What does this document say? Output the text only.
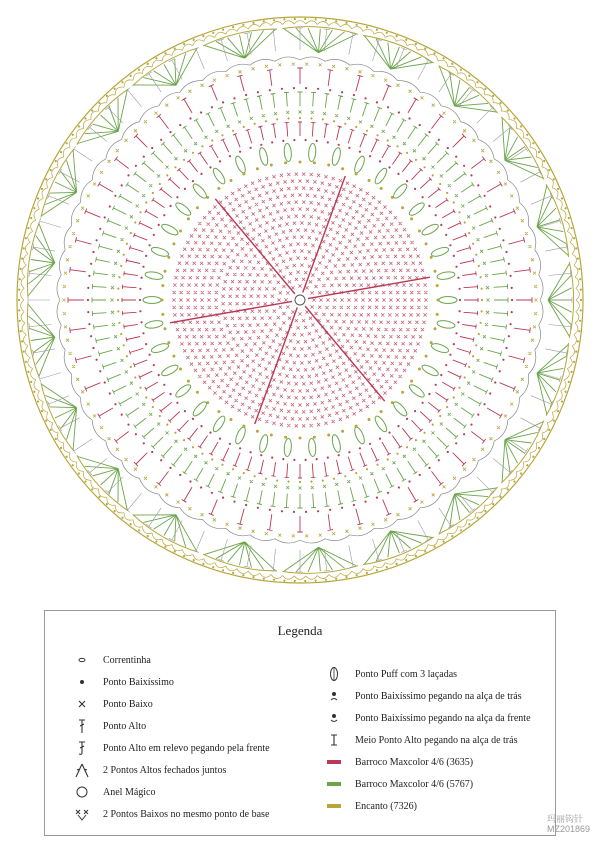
Legenda
Correntinha
Ponto Baixíssimo
Ponto Baixo
Ponto Alto
Ponto Alto em relevo pegando pela frente
2 Pontos Altos fechados juntos
Anel Mágico
2 Pontos Baixos no mesmo ponto de base
Ponto Puff com 3 laçadas
Ponto Baixíssimo pegando na alça de trás
Ponto Baixíssimo pegando na alça da frente
Meio Ponto Alto pegando na alça de trás
Barroco Maxcolor 4/6 (3635)
Barroco Maxcolor 4/6 (5767)
Encanto (7326)
玛丽钩针
MZ201869
